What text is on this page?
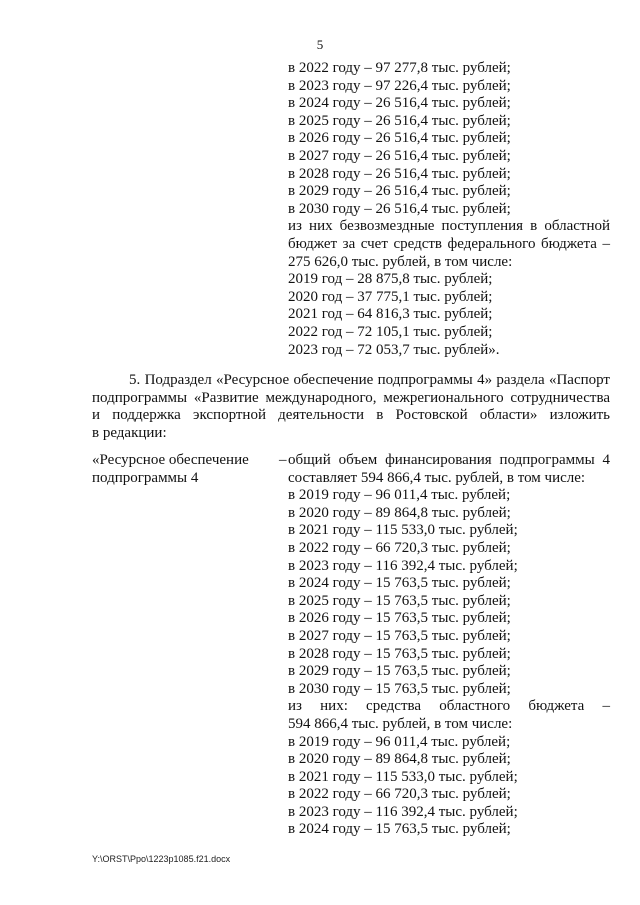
5
в 2022 году – 97 277,8 тыс. рублей;
в 2023 году – 97 226,4 тыс. рублей;
в 2024 году – 26 516,4 тыс. рублей;
в 2025 году – 26 516,4 тыс. рублей;
в 2026 году – 26 516,4 тыс. рублей;
в 2027 году – 26 516,4 тыс. рублей;
в 2028 году – 26 516,4 тыс. рублей;
в 2029 году – 26 516,4 тыс. рублей;
в 2030 году – 26 516,4 тыс. рублей;
из них безвозмездные поступления в областной
бюджет за счет средств федерального бюджета –
275 626,0 тыс. рублей, в том числе:
2019 год – 28 875,8 тыс. рублей;
2020 год – 37 775,1 тыс. рублей;
2021 год – 64 816,3 тыс. рублей;
2022 год – 72 105,1 тыс. рублей;
2023 год – 72 053,7 тыс. рублей».
5. Подраздел «Ресурсное обеспечение подпрограммы 4» раздела «Паспорт
подпрограммы «Развитие международного, межрегионального сотрудничества
и поддержка экспортной деятельности в Ростовской области» изложить
в редакции:
«Ресурсное обеспечение
подпрограммы 4
– общий объем финансирования подпрограммы 4
составляет 594 866,4 тыс. рублей, в том числе:
в 2019 году – 96 011,4 тыс. рублей;
в 2020 году – 89 864,8 тыс. рублей;
в 2021 году – 115 533,0 тыс. рублей;
в 2022 году – 66 720,3 тыс. рублей;
в 2023 году – 116 392,4 тыс. рублей;
в 2024 году – 15 763,5 тыс. рублей;
в 2025 году – 15 763,5 тыс. рублей;
в 2026 году – 15 763,5 тыс. рублей;
в 2027 году – 15 763,5 тыс. рублей;
в 2028 году – 15 763,5 тыс. рублей;
в 2029 году – 15 763,5 тыс. рублей;
в 2030 году – 15 763,5 тыс. рублей;
из них: средства областного бюджета –
594 866,4 тыс. рублей, в том числе:
в 2019 году – 96 011,4 тыс. рублей;
в 2020 году – 89 864,8 тыс. рублей;
в 2021 году – 115 533,0 тыс. рублей;
в 2022 году – 66 720,3 тыс. рублей;
в 2023 году – 116 392,4 тыс. рублей;
в 2024 году – 15 763,5 тыс. рублей;
Y:\ORST\Ppo\1223p1085.f21.docx
